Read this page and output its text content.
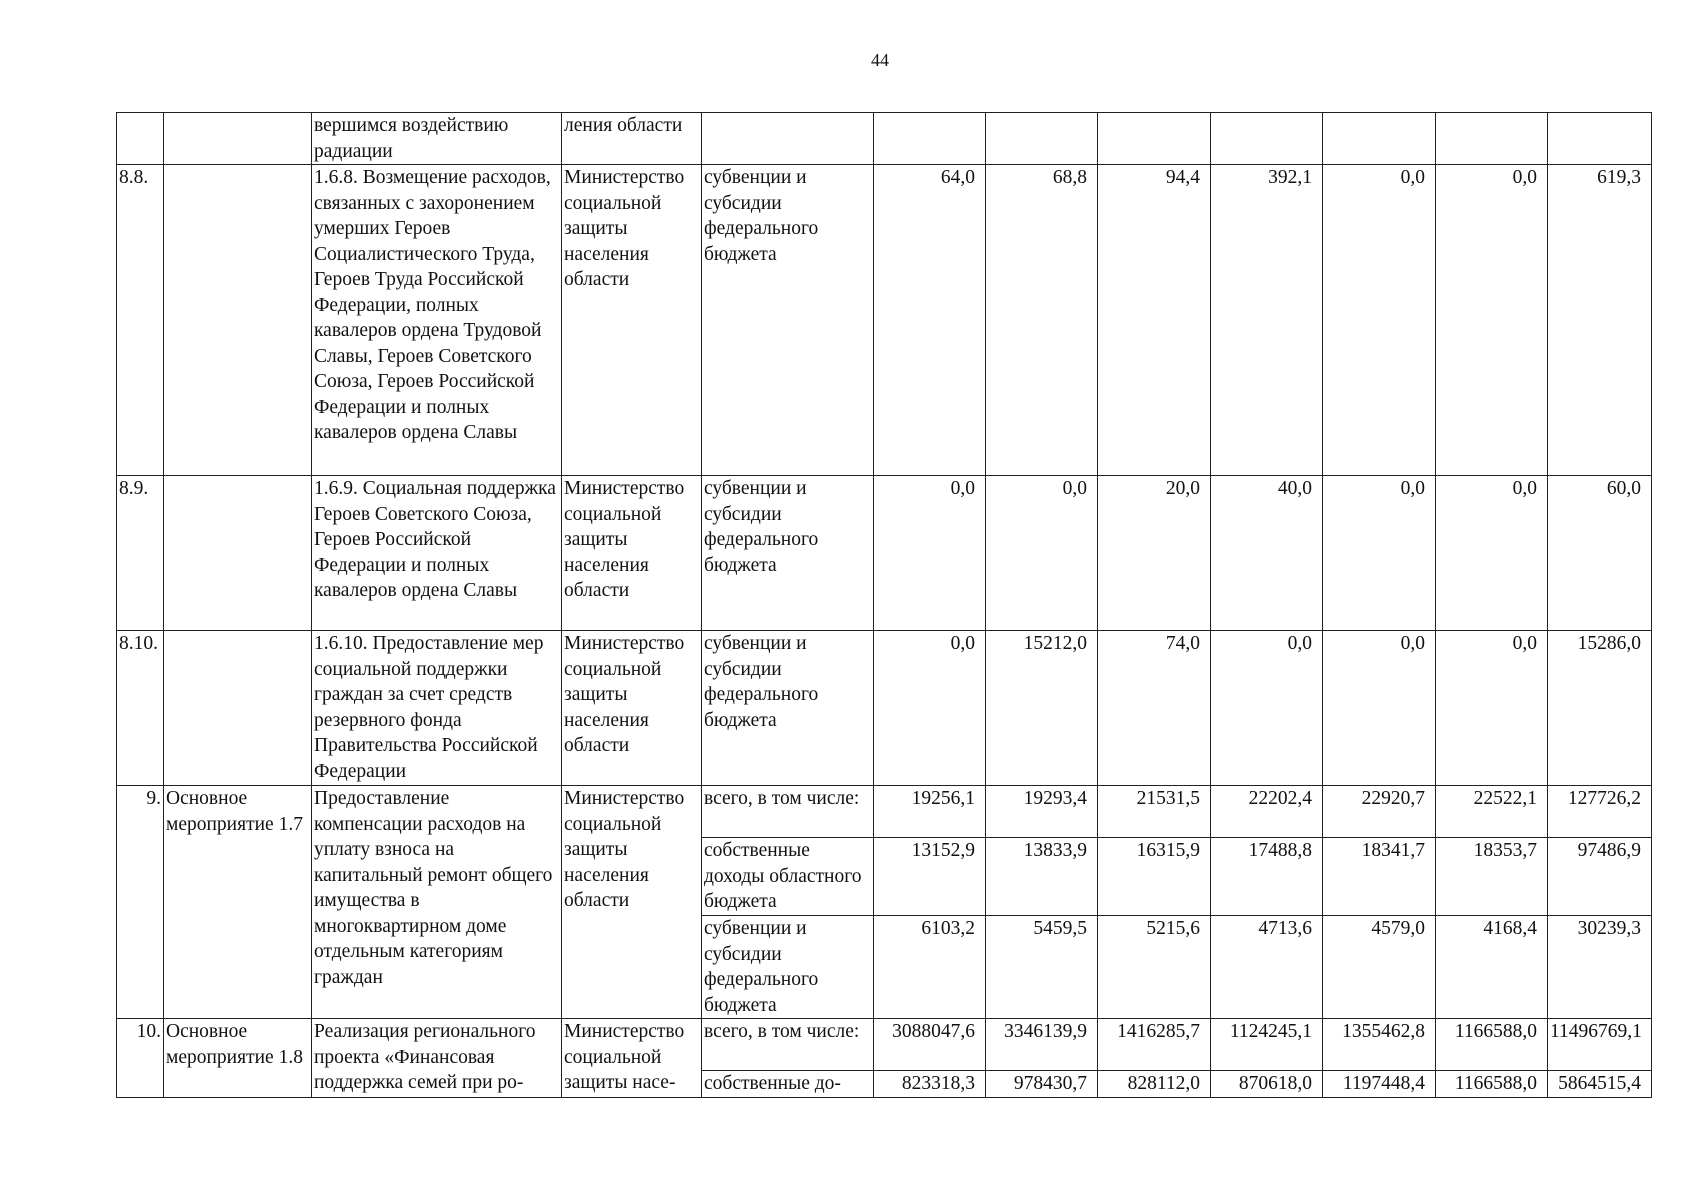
44
		вершимся воздействию радиации	ления области								
8.8.		1.6.8. Возмещение расходов, связанных с захоронением умерших Героев Социалистического Труда, Героев Труда Российской Федерации, полных кавалеров ордена Трудовой Славы, Героев Советского Союза, Героев Российской Федерации и полных кавалеров ордена Славы	Министерство социальной защиты населения области	субвенции и субсидии федерального бюджета	64,0	68,8	94,4	392,1	0,0	0,0	619,3
8.9.		1.6.9. Социальная поддержка Героев Советского Союза, Героев Российской Федерации и полных кавалеров ордена Славы	Министерство социальной защиты населения области	субвенции и субсидии федерального бюджета	0,0	0,0	20,0	40,0	0,0	0,0	60,0
8.10.		1.6.10. Предоставление мер социальной поддержки граждан за счет средств резервного фонда Правительства Российской Федерации	Министерство социальной защиты населения области	субвенции и субсидии федерального бюджета	0,0	15212,0	74,0	0,0	0,0	0,0	15286,0
9.	Основное мероприятие 1.7	Предоставление компенсации расходов на уплату взноса на капитальный ремонт общего имущества в многоквартирном доме отдельным категориям граждан	Министерство социальной защиты населения области	всего, в том числе:	19256,1	19293,4	21531,5	22202,4	22920,7	22522,1	127726,2
				собственные доходы областного бюджета	13152,9	13833,9	16315,9	17488,8	18341,7	18353,7	97486,9
				субвенции и субсидии федерального бюджета	6103,2	5459,5	5215,6	4713,6	4579,0	4168,4	30239,3
10.	Основное мероприятие 1.8	Реализация регионального проекта «Финансовая поддержка семей при ро-	Министерство социальной защиты насе-	всего, в том числе:	3088047,6	3346139,9	1416285,7	1124245,1	1355462,8	1166588,0	11496769,1
				собственные до-	823318,3	978430,7	828112,0	870618,0	1197448,4	1166588,0	5864515,4
